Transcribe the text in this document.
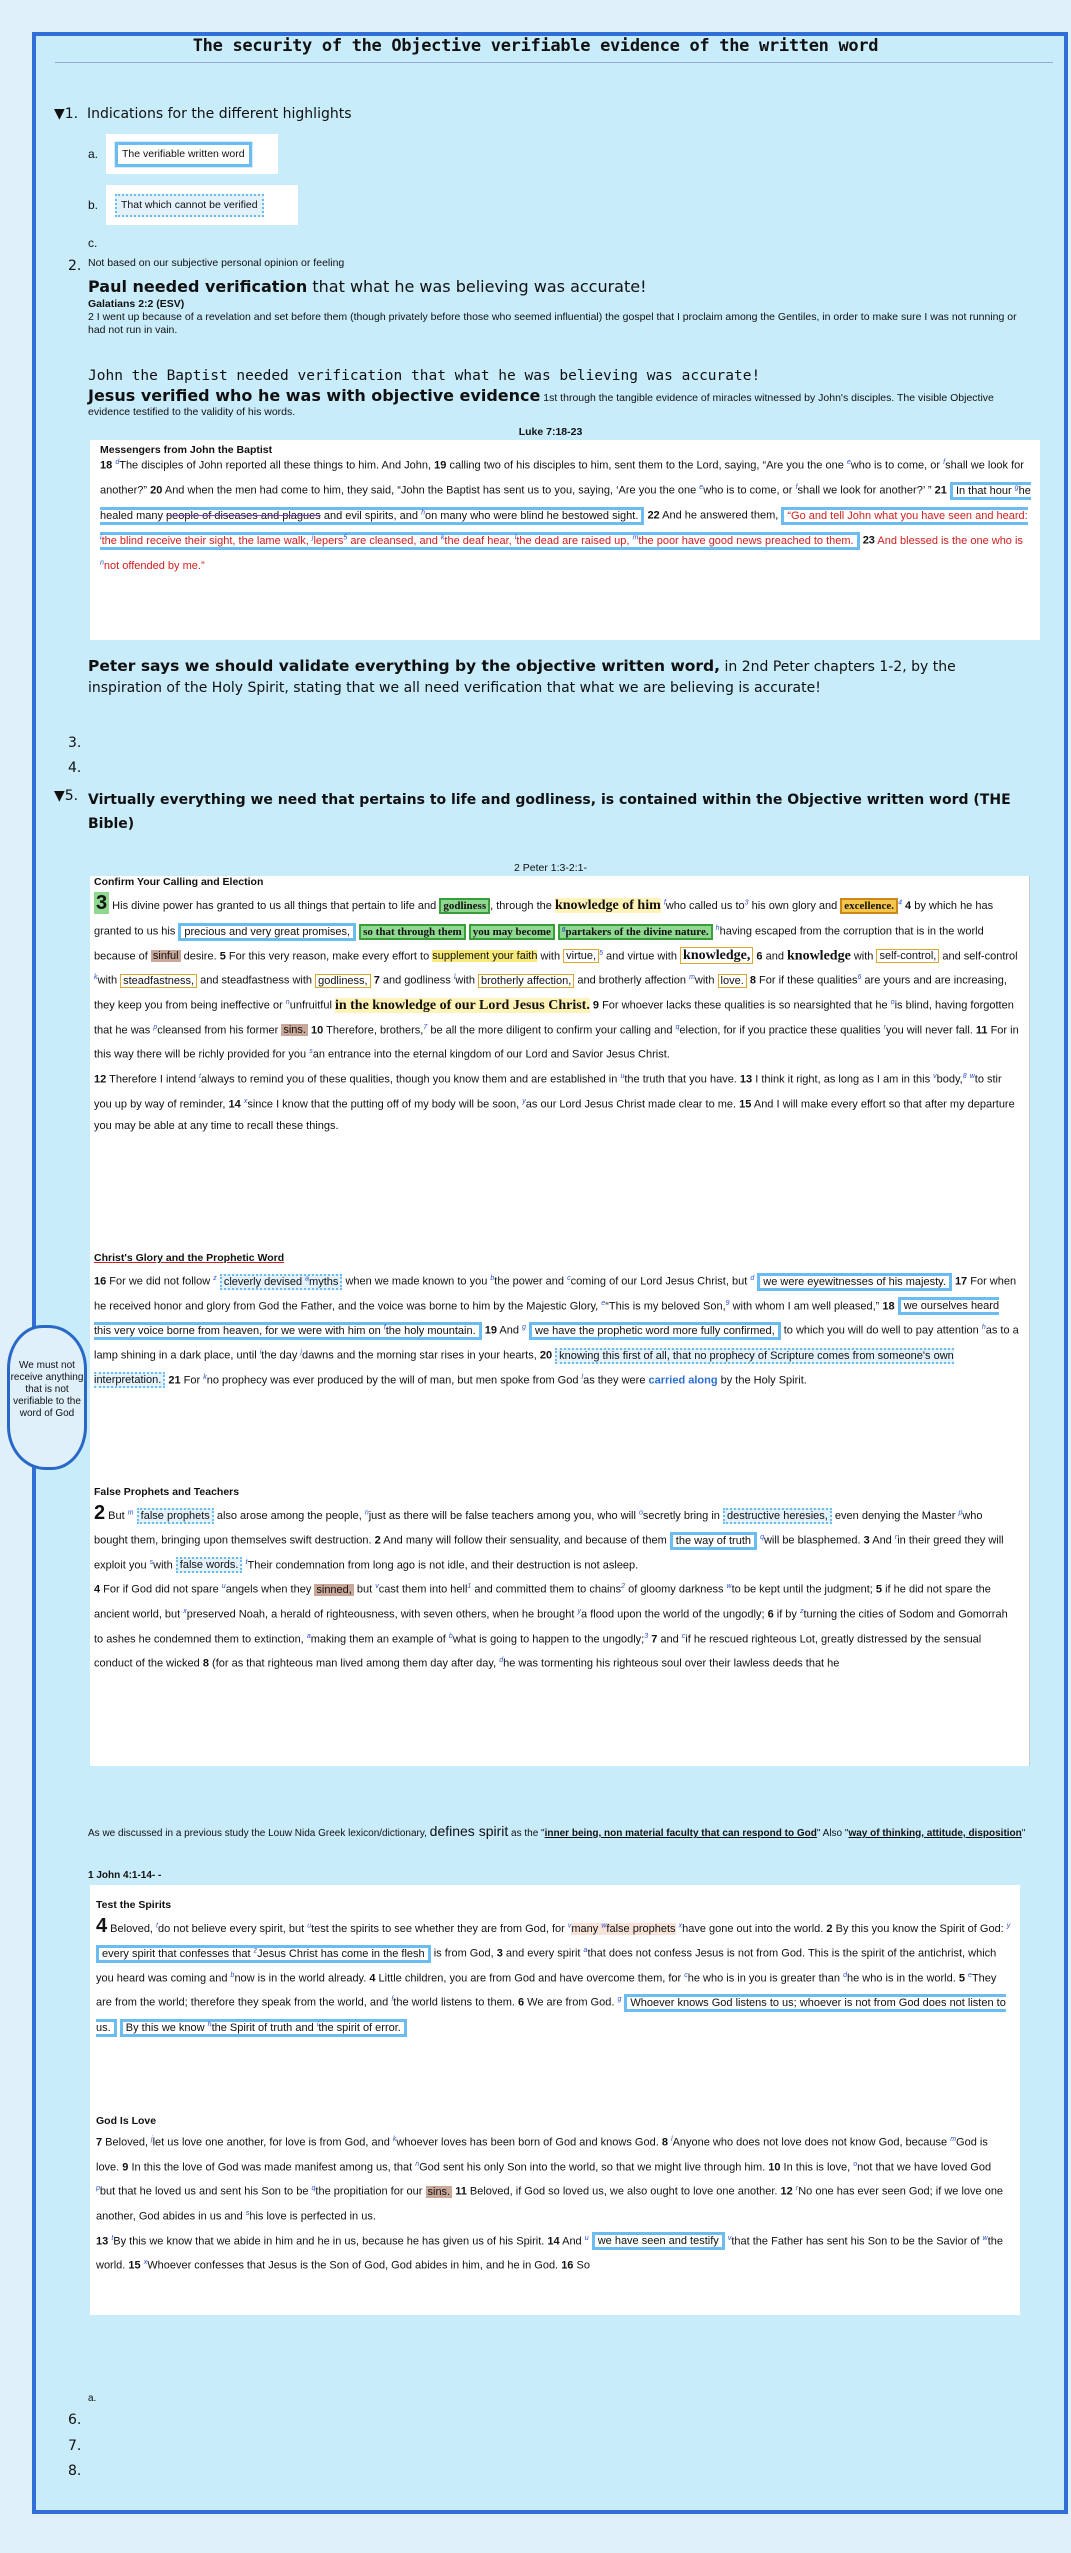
The security of the Objective verifiable evidence of the written word
▼1. Indications for the different highlights
a.	The verifiable written word
b.	That which cannot be verified
c.
2. Not based on our subjective personal opinion or feeling
Paul needed verification that what he was believing was accurate!
Galatians 2:2 (ESV)
2 I went up because of a revelation and set before them (though privately before those who seemed influential) the gospel that I proclaim among the Gentiles, in order to make sure I was not running or had not run in vain.
John the Baptist needed verification that what he was believing was accurate!
Jesus verified who he was with objective evidence 1st through the tangible evidence of miracles witnessed by John's disciples. The visible Objective evidence testified to the validity of his words.
Luke 7:18-23
Messengers from John the Baptist
18 $^d$The disciples of John reported all these things to him. And John, 19 calling two of his disciples to him, sent them to the Lord, saying, “Are you the one $^e$who is to come, or $^f$shall we look for another?” 20 And when the men had come to him, they said, “John the Baptist has sent us to you, saying, ‘Are you the one $^e$who is to come, or $^f$shall we look for another?’ ” 21 In that hour $^g$he healed many people of diseases and plagues and evil spirits, and $^h$on many who were blind he bestowed sight. 22 And he answered them, “Go and tell John what you have seen and heard: $^i$the blind receive their sight, the lame walk, $^j$lepers$^5$ are cleansed, and $^k$the deaf hear, $^l$the dead are raised up, $^m$the poor have good news preached to them. 23 And blessed is the one who is $^n$not offended by me.”
Peter says we should validate everything by the objective written word, in 2nd Peter chapters 1-2, by the inspiration of the Holy Spirit, stating that we all need verification that what we are believing is accurate!
3.
4.
▼5. Virtually everything we need that pertains to life and godliness, is contained within the Objective written word (THE Bible)
2 Peter 1:3-2:1-
Confirm Your Calling and Election
3 His divine power has granted to us all things that pertain to life and godliness , through the knowledge of him $^f$who called us $to^3$ his own glory and excellence. $^4$ 4 by which he has granted to us his precious and very great promises, so that through them you may become $^g$partakers of the divine nature. $^h$having escaped from the corruption that is in the world because of sinful desire. 5 For this very reason, make every effort to supplement your faith with virtue, $^5$ and virtue with knowledge, 6 and knowledge with self-control, and self-control $^k$with steadfastness, and steadfastness with godliness, 7 and godliness $^l$with brotherly affection, and brotherly affection $^m$with love. 8 For if these qualities$^6$ are yours and are increasing, they keep you from being ineffective or $^n$unfruitful in the knowledge of our Lord Jesus Christ. 9 For whoever lacks these qualities is so nearsighted that he $^o$is blind, having forgotten that he was $^p$cleansed from his former sins. 10 Therefore, brothers,$^7$ be all the more diligent to confirm your calling and $^q$election, for if you practice these qualities $^r$you will never fall. 11 For in this way there will be richly provided for you $^s$an entrance into the eternal kingdom of our Lord and Savior Jesus Christ.
12 Therefore I intend $^t$always to remind you of these qualities, though you know them and are established in $^u$the truth that you have. 13 I think it right, as long as I am in this $^v$body,$^8$ $^w$to stir you up by way of reminder, 14 $^x$since I know that the putting off of my body will be soon, $^y$as our Lord Jesus Christ made clear to me. 15 And I will make every effort so that after my departure you may be able at any time to recall these things.
Christ's Glory and the Prophetic Word
16 For we did not follow $^z$ cleverly devised $^a$myths when we made known to you $^b$the power and $^c$coming of our Lord Jesus Christ, but $^d$ we were eyewitnesses of his majesty. 17 For when he received honor and glory from God the Father, and the voice was borne to him by the Majestic Glory, $^e$“This is my beloved Son,$^9$ with whom I am well pleased,” 18 we ourselves heard this very voice borne from heaven, for we were with him on $^f$the holy mountain. 19 And $^g$ we have the prophetic word more fully confirmed, to which you will do well to pay attention $^h$as to a lamp shining in a dark place, until $^i$the day $^j$dawns and the morning star rises in your hearts, 20 knowing this first of all, that no prophecy of Scripture comes from someone's own interpretation. 21 For $^k$no prophecy was ever produced by the will of man, but men spoke from God $^l$as they were carried along by the Holy Spirit.
False Prophets and Teachers
2 But $^m$ false prophets also arose among the people, $^n$just as there will be false teachers among you, who will $^o$secretly bring in destructive heresies, even denying the Master $^p$who bought them, bringing upon themselves swift destruction. 2 And many will follow their sensuality, and because of them the way of truth $^q$will be blasphemed. 3 And $^r$in their greed they will exploit you $^s$with false words. $^t$Their condemnation from long ago is not idle, and their destruction is not asleep.
4 For if God did not spare $^u$angels when they sinned, but $^v$cast them into hell$^1$ and committed them to chains$^2$ of gloomy darkness $^w$to be kept until the judgment; 5 if he did not spare the ancient world, but $^x$preserved Noah, a herald of righteousness, with seven others, when he brought $^y$a flood upon the world of the ungodly; 6 if by $^z$turning the cities of Sodom and Gomorrah to ashes he condemned them to extinction, $^a$making them an example of $^b$what is going to happen to the ungodly;$^3$ 7 and $^c$if he rescued righteous Lot, greatly distressed by the sensual conduct of the wicked 8 (for as that righteous man lived among them day after day, $^d$he was tormenting his righteous soul over their lawless deeds that he
We must not receive anything that is not verifiable to the word of God
As we discussed in a previous study the Louw Nida Greek lexicon/dictionary, defines spirit as the "inner being, non material faculty that can respond to God" Also "way of thinking, attitude, disposition"
1 John 4:1-14- -
Test the Spirits
4 Beloved, $^t$do not believe every spirit, but $^u$test the spirits to see whether they are from God, for $^v$many $^w$false prophets $^x$have gone out into the world. 2 By this you know the Spirit of God: $^y$ every spirit that confesses that $^z$Jesus Christ has come in the flesh is from God, 3 and every spirit $^a$that does not confess Jesus is not from God. This is the spirit of the antichrist, which you heard was coming and $^b$now is in the world already. 4 Little children, you are from God and have overcome them, for $^c$he who is in you is greater than $^d$he who is in the world. 5 $^e$They are from the world; therefore they speak from the world, and $^f$the world listens to them. 6 We are from God. $^g$ Whoever knows God listens to us; whoever is not from God does not listen to us. By this we know $^h$the Spirit of truth and $^i$the spirit of error.
God Is Love
7 Beloved, $^j$let us love one another, for love is from God, and $^k$whoever loves has been born of God and knows God. 8 $^l$Anyone who does not love does not know God, because $^m$God is love. 9 In this the love of God was made manifest among us, that $^n$God sent his only Son into the world, so that we might live through him. 10 In this is love, $^o$not that we have loved God $^p$but that he loved us and sent his Son to be $^q$the propitiation for our sins. 11 Beloved, if God so loved us, we also ought to love one another. 12 $^r$No one has ever seen God; if we love one another, God abides in us and $^s$his love is perfected in us.
13 $^t$By this we know that we abide in him and he in us, because he has given us of his Spirit. 14 And $^u$ we have seen and testify $^v$that the Father has sent his Son to be the Savior of $^w$the world. 15 $^x$Whoever confesses that Jesus is the Son of God, God abides in him, and he in God. 16 So
a.
6.
7.
8.
